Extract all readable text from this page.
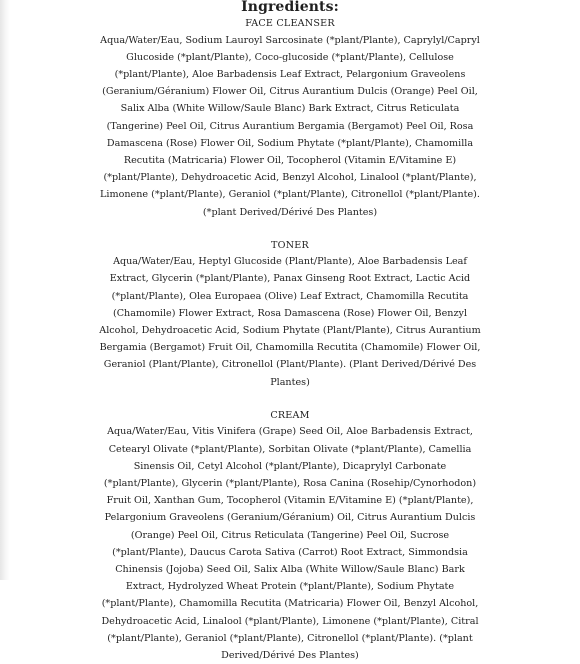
Ingredients:

FACE CLEANSER

Aqua/Water/Eau, Sodium Lauroyl Sarcosinate (*plant/Plante), Caprylyl/Capryl Glucoside (*plant/Plante), Coco-glucoside (*plant/Plante), Cellulose (*plant/Plante), Aloe Barbadensis Leaf Extract, Pelargonium Graveolens (Geranium/Géranium) Flower Oil, Citrus Aurantium Dulcis (Orange) Peel Oil, Salix Alba (White Willow/Saule Blanc) Bark Extract, Citrus Reticulata (Tangerine) Peel Oil, Citrus Aurantium Bergamia (Bergamot) Peel Oil, Rosa Damascena (Rose) Flower Oil, Sodium Phytate (*plant/Plante), Chamomilla Recutita (Matricaria) Flower Oil, Tocopherol (Vitamin E/Vitamine E) (*plant/Plante), Dehydroacetic Acid, Benzyl Alcohol, Linalool (*plant/Plante), Limonene (*plant/Plante), Geraniol (*plant/Plante), Citronellol (*plant/Plante). (*plant Derived/Dérivé Des Plantes)

TONER

Aqua/Water/Eau, Heptyl Glucoside (Plant/Plante), Aloe Barbadensis Leaf Extract, Glycerin (*plant/Plante), Panax Ginseng Root Extract, Lactic Acid (*plant/Plante), Olea Europaea (Olive) Leaf Extract, Chamomilla Recutita (Chamomile) Flower Extract, Rosa Damascena (Rose) Flower Oil, Benzyl Alcohol, Dehydroacetic Acid, Sodium Phytate (Plant/Plante), Citrus Aurantium Bergamia (Bergamot) Fruit Oil, Chamomilla Recutita (Chamomile) Flower Oil, Geraniol (Plant/Plante), Citronellol (Plant/Plante). (Plant Derived/Dérivé Des Plantes)

CREAM

Aqua/Water/Eau, Vitis Vinifera (Grape) Seed Oil, Aloe Barbadensis Extract, Cetearyl Olivate (*plant/Plante), Sorbitan Olivate (*plant/Plante), Camellia Sinensis Oil, Cetyl Alcohol (*plant/Plante), Dicaprylyl Carbonate (*plant/Plante), Glycerin (*plant/Plante), Rosa Canina (Rosehip/Cynorhodon) Fruit Oil, Xanthan Gum, Tocopherol (Vitamin E/Vitamine E) (*plant/Plante), Pelargonium Graveolens (Geranium/Géranium) Oil, Citrus Aurantium Dulcis (Orange) Peel Oil, Citrus Reticulata (Tangerine) Peel Oil, Sucrose (*plant/Plante), Daucus Carota Sativa (Carrot) Root Extract, Simmondsia Chinensis (Jojoba) Seed Oil, Salix Alba (White Willow/Saule Blanc) Bark Extract, Hydrolyzed Wheat Protein (*plant/Plante), Sodium Phytate (*plant/Plante), Chamomilla Recutita (Matricaria) Flower Oil, Benzyl Alcohol, Dehydroacetic Acid, Linalool (*plant/Plante), Limonene (*plant/Plante), Citral (*plant/Plante), Geraniol (*plant/Plante), Citronellol (*plant/Plante). (*plant Derived/Dérivé Des Plantes)
